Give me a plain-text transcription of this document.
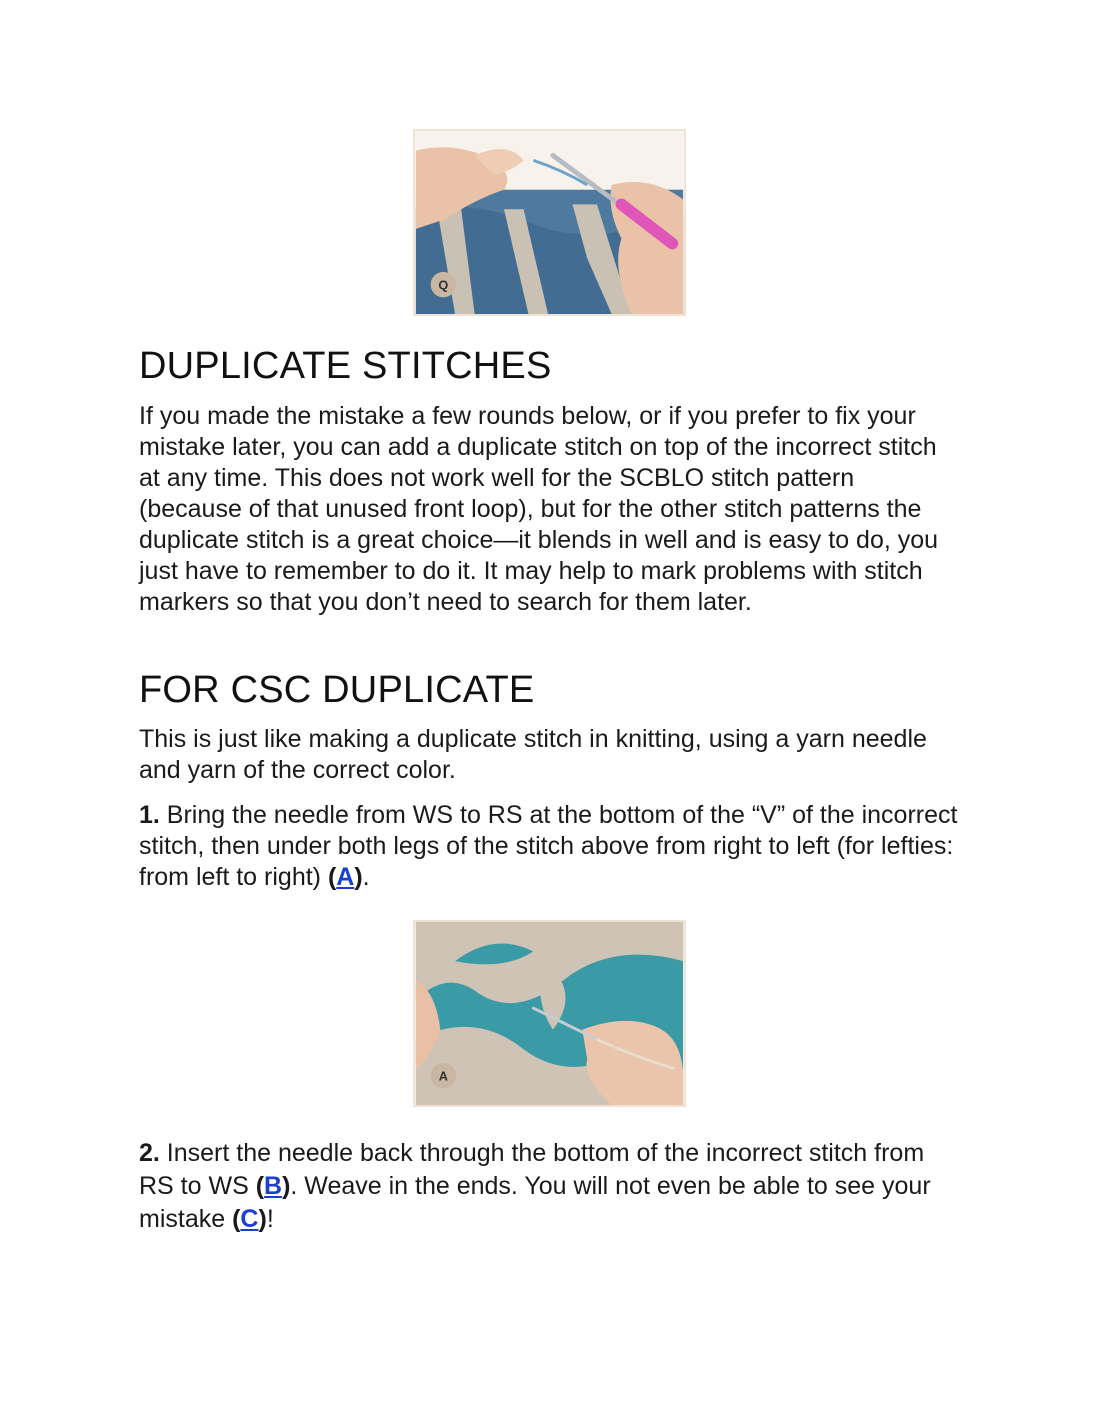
Q
DUPLICATE STITCHES

If you made the mistake a few rounds below, or if you prefer to fix your mistake later, you can add a duplicate stitch on top of the incorrect stitch at any time. This does not work well for the SCBLO stitch pattern (because of that unused front loop), but for the other stitch patterns the duplicate stitch is a great choice—it blends in well and is easy to do, you just have to remember to do it. It may help to mark problems with stitch markers so that you don’t need to search for them later.

FOR CSC DUPLICATE

This is just like making a duplicate stitch in knitting, using a yarn needle and yarn of the correct color.

1. Bring the needle from WS to RS at the bottom of the “V” of the incorrect stitch, then under both legs of the stitch above from right to left (for lefties: from left to right) (A).

A

2. Insert the needle back through the bottom of the incorrect stitch from RS to WS (B). Weave in the ends. You will not even be able to see your mistake (C)!
